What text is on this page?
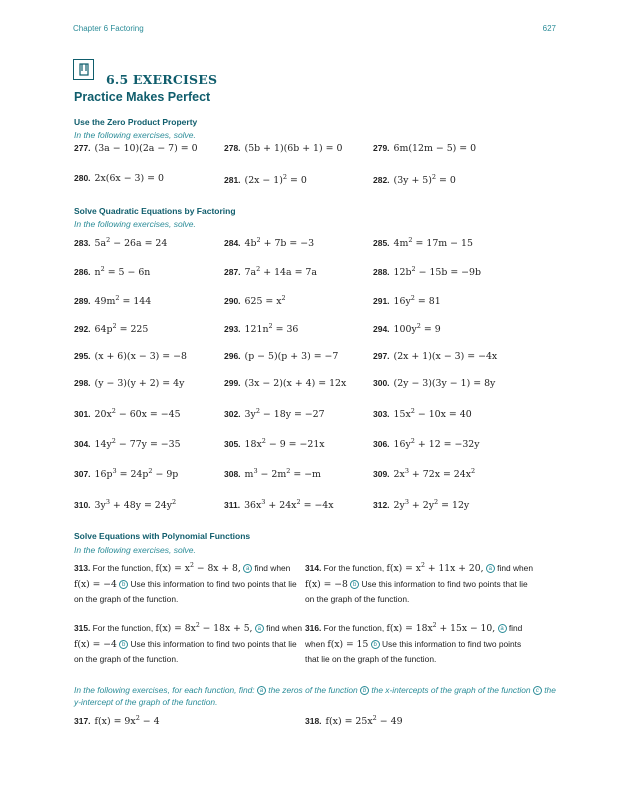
Chapter 6 Factoring	627
6.5 EXERCISES
Practice Makes Perfect
Use the Zero Product Property
In the following exercises, solve.
277. (3a − 10)(2a − 7) = 0	278. (5b + 1)(6b + 1) = 0	279. 6m(12m − 5) = 0
280. 2x(6x − 3) = 0	281. $(2x - 1)^2 = 0$	282. $(3y + 5)^2 = 0$
Solve Quadratic Equations by Factoring
In the following exercises, solve.
283. $5a^2 - 26a = 24$	284. $4b^2 + 7b = -3$	285. $4m^2 = 17m - 15$
286. $n^2 = 5 - 6n$	287. $7a^2 + 14a = 7a$	288. $12b^2 - 15b = -9b$
289. $49m^2 = 144$	290. $625 = x^2$	291. $16y^2 = 81$
292. $64p^2 = 225$	293. $121n^2 = 36$	294. $100y^2 = 9$
295. (x + 6)(x − 3) = −8	296. (p − 5)(p + 3) = −7	297. (2x + 1)(x − 3) = −4x
298. (y − 3)(y + 2) = 4y	299. (3x − 2)(x + 4) = 12x	300. (2y − 3)(3y − 1) = 8y
301. $20x^2 - 60x = -45$	302. $3y^2 - 18y = -27$	303. $15x^2 - 10x = 40$
304. $14y^2 - 77y = -35$	305. $18x^2 - 9 = -21x$	306. $16y^2 + 12 = -32y$
307. $16p^3 = 24p^2 - 9p$	308. $m^3 - 2m^2 = -m$	309. $2x^3 + 72x = 24x^2$
310. $3y^3 + 48y = 24y^2$	311. $36x^3 + 24x^2 = -4x$	312. $2y^3 + 2y^2 = 12y$
Solve Equations with Polynomial Functions
In the following exercises, solve.
313. For the function, $f(x) = x^2 - 8x + 8$, a find when f(x) = −4 b Use this information to find two points that lie on the graph of the function.
314. For the function, $f(x) = x^2 + 11x + 20$, a find when f(x) = −8 b Use this information to find two points that lie on the graph of the function.
315. For the function, $f(x) = 8x^2 - 18x + 5$, a find when f(x) = −4 b Use this information to find two points that lie on the graph of the function.
316. For the function, $f(x) = 18x^2 + 15x - 10$, a find when f(x) = 15 b Use this information to find two points that lie on the graph of the function.
In the following exercises, for each function, find: a the zeros of the function b the x-intercepts of the graph of the function c the y-intercept of the graph of the function.
317. $f(x) = 9x^2 - 4$	318. $f(x) = 25x^2 - 49$
